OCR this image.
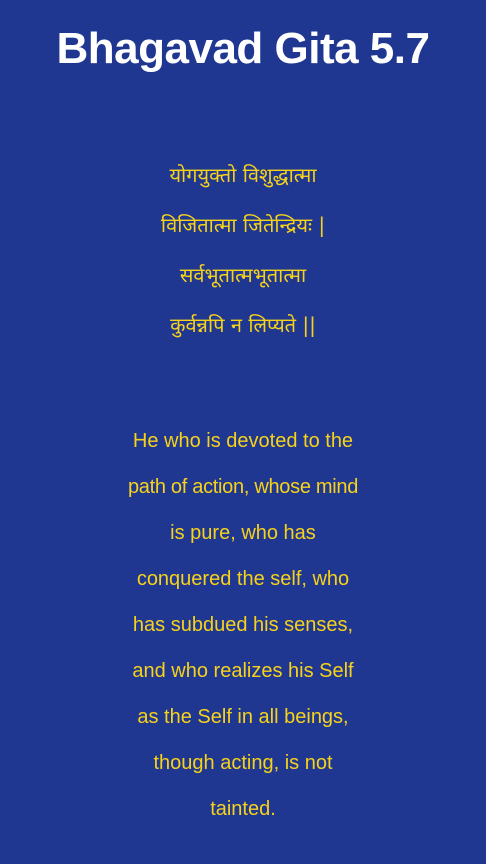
Bhagavad Gita 5.7
योगयुक्तो विशुद्धात्मा
विजितात्मा जितेन्द्रियः |
सर्वभूतात्मभूतात्मा
कुर्वन्नपि न लिप्यते ||
He who is devoted to the
path of action, whose mind
is pure, who has
conquered the self, who
has subdued his senses,
and who realizes his Self
as the Self in all beings,
though acting, is not
tainted.
